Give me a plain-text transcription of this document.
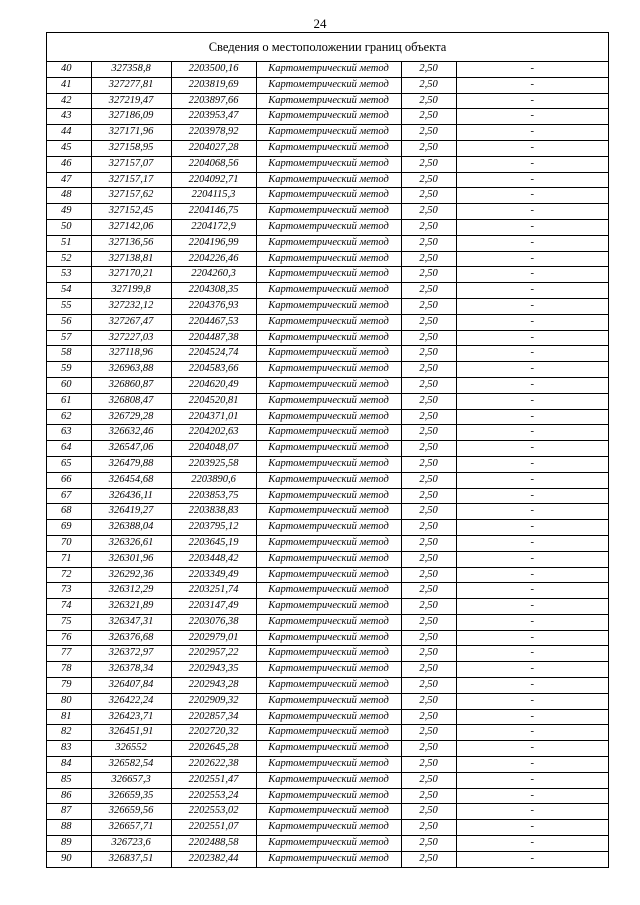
24
Сведения о местоположении границ объекта
40	327358,8	2203500,16	Картометрический метод	2,50	-
41	327277,81	2203819,69	Картометрический метод	2,50	-
42	327219,47	2203897,66	Картометрический метод	2,50	-
43	327186,09	2203953,47	Картометрический метод	2,50	-
44	327171,96	2203978,92	Картометрический метод	2,50	-
45	327158,95	2204027,28	Картометрический метод	2,50	-
46	327157,07	2204068,56	Картометрический метод	2,50	-
47	327157,17	2204092,71	Картометрический метод	2,50	-
48	327157,62	2204115,3	Картометрический метод	2,50	-
49	327152,45	2204146,75	Картометрический метод	2,50	-
50	327142,06	2204172,9	Картометрический метод	2,50	-
51	327136,56	2204196,99	Картометрический метод	2,50	-
52	327138,81	2204226,46	Картометрический метод	2,50	-
53	327170,21	2204260,3	Картометрический метод	2,50	-
54	327199,8	2204308,35	Картометрический метод	2,50	-
55	327232,12	2204376,93	Картометрический метод	2,50	-
56	327267,47	2204467,53	Картометрический метод	2,50	-
57	327227,03	2204487,38	Картометрический метод	2,50	-
58	327118,96	2204524,74	Картометрический метод	2,50	-
59	326963,88	2204583,66	Картометрический метод	2,50	-
60	326860,87	2204620,49	Картометрический метод	2,50	-
61	326808,47	2204520,81	Картометрический метод	2,50	-
62	326729,28	2204371,01	Картометрический метод	2,50	-
63	326632,46	2204202,63	Картометрический метод	2,50	-
64	326547,06	2204048,07	Картометрический метод	2,50	-
65	326479,88	2203925,58	Картометрический метод	2,50	-
66	326454,68	2203890,6	Картометрический метод	2,50	-
67	326436,11	2203853,75	Картометрический метод	2,50	-
68	326419,27	2203838,83	Картометрический метод	2,50	-
69	326388,04	2203795,12	Картометрический метод	2,50	-
70	326326,61	2203645,19	Картометрический метод	2,50	-
71	326301,96	2203448,42	Картометрический метод	2,50	-
72	326292,36	2203349,49	Картометрический метод	2,50	-
73	326312,29	2203251,74	Картометрический метод	2,50	-
74	326321,89	2203147,49	Картометрический метод	2,50	-
75	326347,31	2203076,38	Картометрический метод	2,50	-
76	326376,68	2202979,01	Картометрический метод	2,50	-
77	326372,97	2202957,22	Картометрический метод	2,50	-
78	326378,34	2202943,35	Картометрический метод	2,50	-
79	326407,84	2202943,28	Картометрический метод	2,50	-
80	326422,24	2202909,32	Картометрический метод	2,50	-
81	326423,71	2202857,34	Картометрический метод	2,50	-
82	326451,91	2202720,32	Картометрический метод	2,50	-
83	326552	2202645,28	Картометрический метод	2,50	-
84	326582,54	2202622,38	Картометрический метод	2,50	-
85	326657,3	2202551,47	Картометрический метод	2,50	-
86	326659,35	2202553,24	Картометрический метод	2,50	-
87	326659,56	2202553,02	Картометрический метод	2,50	-
88	326657,71	2202551,07	Картометрический метод	2,50	-
89	326723,6	2202488,58	Картометрический метод	2,50	-
90	326837,51	2202382,44	Картометрический метод	2,50	-
